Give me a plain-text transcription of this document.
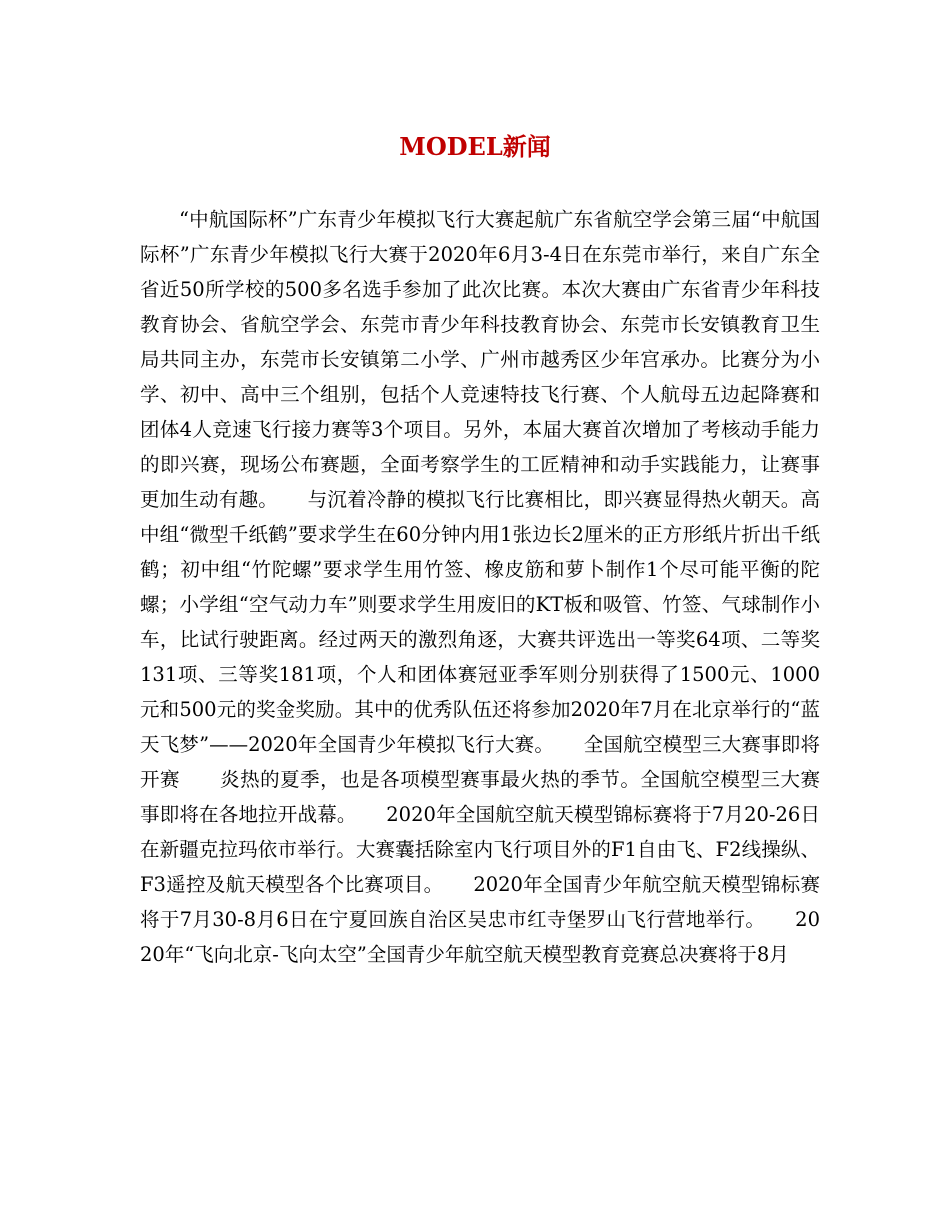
MODEL新闻

“中航国际杯”广东青少年模拟飞行大赛起航广东省航空学会第三届“中航国际杯”广东青少年模拟飞行大赛于2020年6月3-4日在东莞市举行，来自广东全省近50所学校的500多名选手参加了此次比赛。本次大赛由广东省青少年科技教育协会、省航空学会、东莞市青少年科技教育协会、东莞市长安镇教育卫生局共同主办，东莞市长安镇第二小学、广州市越秀区少年宫承办。比赛分为小学、初中、高中三个组别，包括个人竞速特技飞行赛、个人航母五边起降赛和团体4人竞速飞行接力赛等3个项目。另外，本届大赛首次增加了考核动手能力的即兴赛，现场公布赛题，全面考察学生的工匠精神和动手实践能力，让赛事更加生动有趣。　　与沉着冷静的模拟飞行比赛相比，即兴赛显得热火朝天。高中组“微型千纸鹤”要求学生在60分钟内用1张边长2厘米的正方形纸片折出千纸鹤；初中组“竹陀螺”要求学生用竹签、橡皮筋和萝卜制作1个尽可能平衡的陀螺；小学组“空气动力车”则要求学生用废旧的KT板和吸管、竹签、气球制作小车，比试行驶距离。经过两天的激烈角逐，大赛共评选出一等奖64项、二等奖131项、三等奖181项，个人和团体赛冠亚季军则分别获得了1500元、1000元和500元的奖金奖励。其中的优秀队伍还将参加2020年7月在北京举行的“蓝天飞梦”——2020年全国青少年模拟飞行大赛。　　全国航空模型三大赛事即将开赛　　炎热的夏季，也是各项模型赛事最火热的季节。全国航空模型三大赛事即将在各地拉开战幕。　　2020年全国航空航天模型锦标赛将于7月20-26日在新疆克拉玛依市举行。大赛囊括除室内飞行项目外的F1自由飞、F2线操纵、F3遥控及航天模型各个比赛项目。　　2020年全国青少年航空航天模型锦标赛将于7月30-8月6日在宁夏回族自治区吴忠市红寺堡罗山飞行营地举行。　　2020年“飞向北京-飞向太空”全国青少年航空航天模型教育竞赛总决赛将于8月
